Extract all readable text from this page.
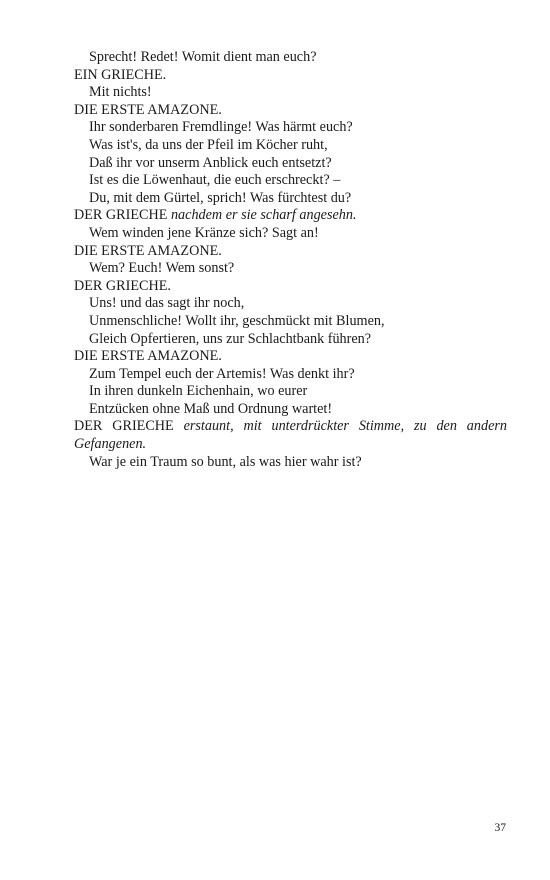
Sprecht! Redet! Womit dient man euch?
EIN GRIECHE.
Mit nichts!
DIE ERSTE AMAZONE.
Ihr sonderbaren Fremdlinge! Was härmt euch?
Was ist's, da uns der Pfeil im Köcher ruht,
Daß ihr vor unserm Anblick euch entsetzt?
Ist es die Löwenhaut, die euch erschreckt? –
Du, mit dem Gürtel, sprich! Was fürchtest du?
DER GRIECHE nachdem er sie scharf angesehn.
Wem winden jene Kränze sich? Sagt an!
DIE ERSTE AMAZONE.
Wem? Euch! Wem sonst?
DER GRIECHE.
Uns! und das sagt ihr noch,
Unmenschliche! Wollt ihr, geschmückt mit Blumen,
Gleich Opfertieren, uns zur Schlachtbank führen?
DIE ERSTE AMAZONE.
Zum Tempel euch der Artemis! Was denkt ihr?
In ihren dunkeln Eichenhain, wo eurer
Entzücken ohne Maß und Ordnung wartet!
DER GRIECHE erstaunt, mit unterdrückter Stimme, zu den andern Gefangenen.
War je ein Traum so bunt, als was hier wahr ist?
37
